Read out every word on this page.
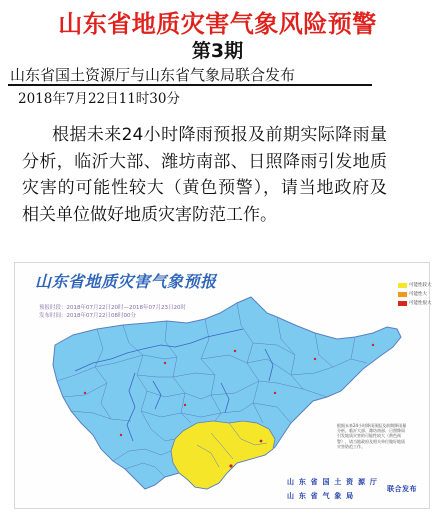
山东省地质灾害气象风险预警
第3期
山东省国土资源厅与山东省气象局联合发布
2018年7月22日11时30分
根据未来24小时降雨预报及前期实际降雨量分析，临沂大部、潍坊南部、日照降雨引发地质灾害的可能性较大（黄色预警），请当地政府及相关单位做好地质灾害防范工作。
山东省地质灾害气象预报
预报时段：2018年07月22日20时—2018年07月23日20时
发布时间：2018年07月22日08时00分
可能性较大
可能性大
可能性很大
根据未来24小时降雨预报及前期降雨量分析，临沂大部、潍坊南部、日照降雨引发地质灾害的可能性较大（黄色预警），请当地政府及相关单位做好地质灾害防范工作。
山 东 省 国 土 资 源 厅
山 东 省 气 象 局
联合发布
